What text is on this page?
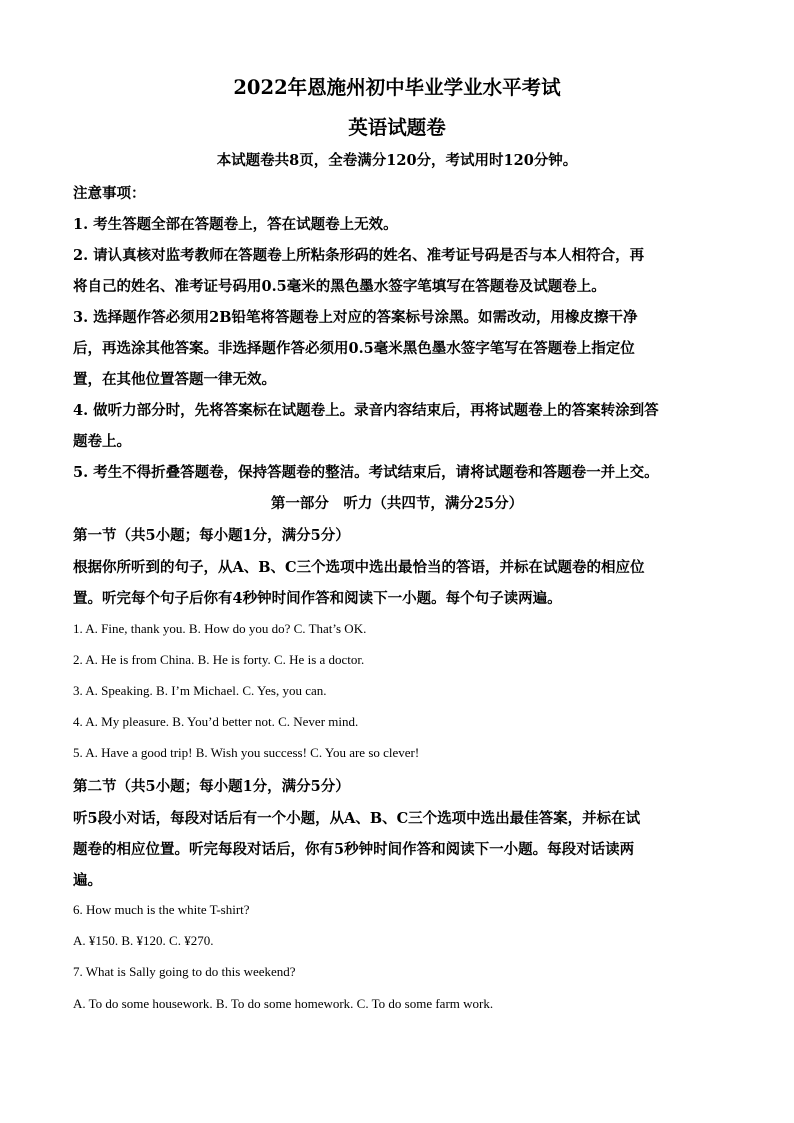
2022年恩施州初中毕业学业水平考试
英语试题卷
本试题卷共8页，全卷满分120分，考试用时120分钟。
注意事项：
1. 考生答题全部在答题卷上，答在试题卷上无效。
2. 请认真核对监考教师在答题卷上所粘条形码的姓名、准考证号码是否与本人相符合，再
将自己的姓名、准考证号码用0.5毫米的黑色墨水签字笔填写在答题卷及试题卷上。
3. 选择题作答必须用2B铅笔将答题卷上对应的答案标号涂黑。如需改动，用橡皮擦干净
后，再选涂其他答案。非选择题作答必须用0.5毫米黑色墨水签字笔写在答题卷上指定位
置，在其他位置答题一律无效。
4. 做听力部分时，先将答案标在试题卷上。录音内容结束后，再将试题卷上的答案转涂到答
题卷上。
5. 考生不得折叠答题卷，保持答题卷的整洁。考试结束后，请将试题卷和答题卷一并上交。
第一部分　听力（共四节，满分25分）
第一节（共5小题；每小题1分，满分5分）
根据你所听到的句子，从A、B、C三个选项中选出最恰当的答语，并标在试题卷的相应位
置。听完每个句子后你有4秒钟时间作答和阅读下一小题。每个句子读两遍。
1. A. Fine, thank you. B. How do you do? C. That’s OK.
2. A. He is from China. B. He is forty. C. He is a doctor.
3. A. Speaking. B. I’m Michael. C. Yes, you can.
4. A. My pleasure. B. You’d better not. C. Never mind.
5. A. Have a good trip! B. Wish you success! C. You are so clever!
第二节（共5小题；每小题1分，满分5分）
听5段小对话，每段对话后有一个小题，从A、B、C三个选项中选出最佳答案，并标在试
题卷的相应位置。听完每段对话后，你有5秒钟时间作答和阅读下一小题。每段对话读两
遍。
6. How much is the white T-shirt?
A. ¥150. B. ¥120. C. ¥270.
7. What is Sally going to do this weekend?
A. To do some housework. B. To do some homework. C. To do some farm work.
